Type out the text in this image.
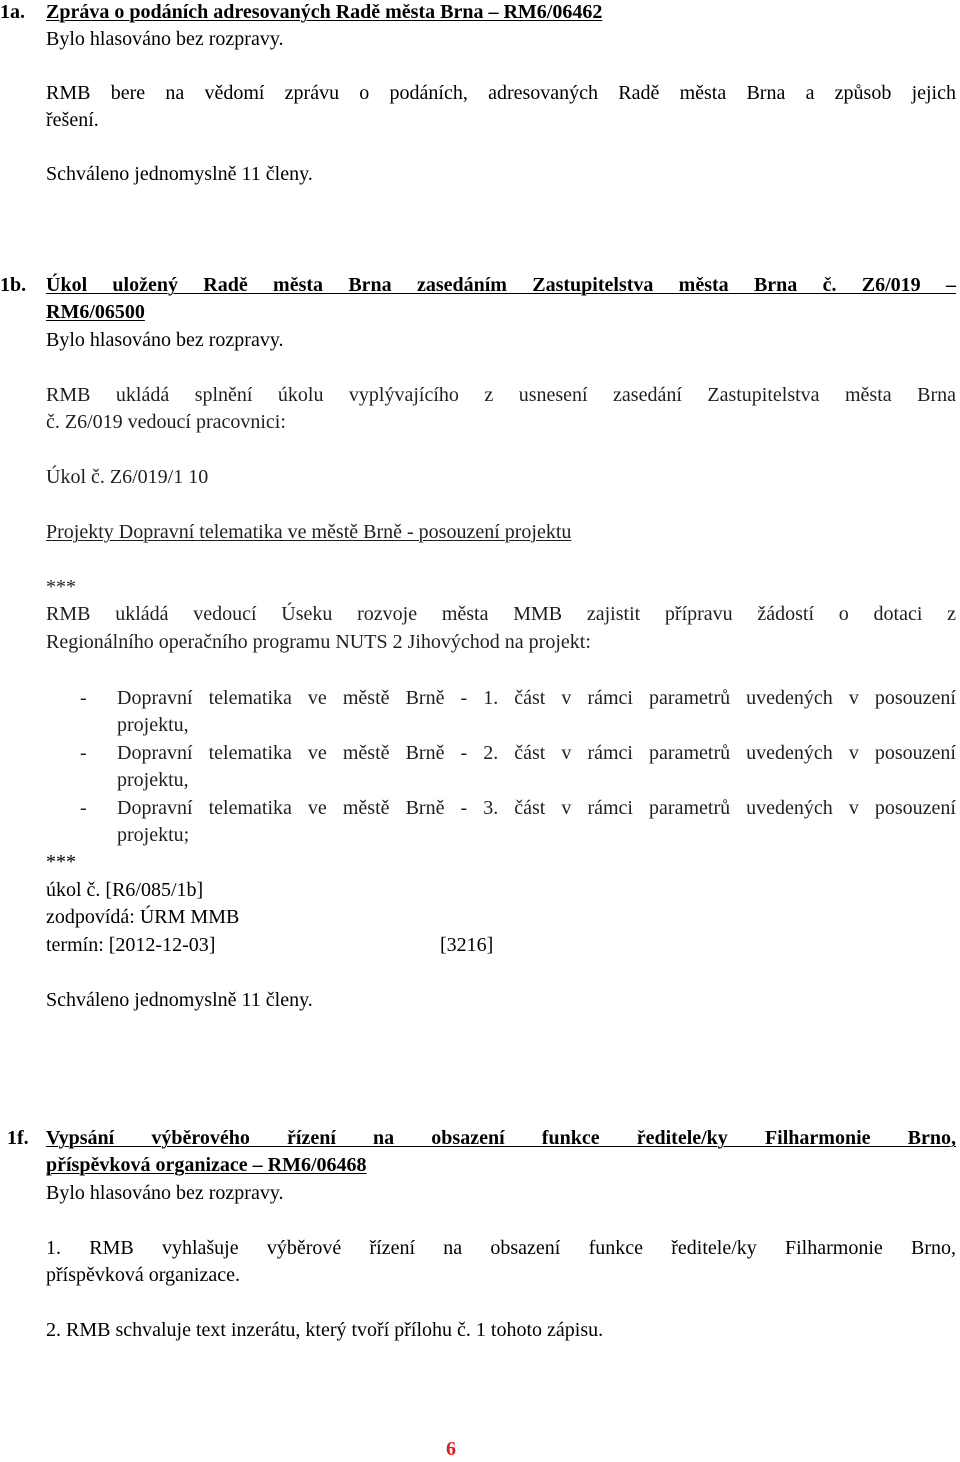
1a. Zpráva o podáních adresovaných Radě města Brna – RM6/06462
Bylo hlasováno bez rozpravy.
RMB bere na vědomí zprávu o podáních, adresovaných Radě města Brna a způsob jejich
řešení.
Schváleno jednomyslně 11 členy.
1b. Úkol uložený Radě města Brna zasedáním Zastupitelstva města Brna č. Z6/019 –
RM6/06500
Bylo hlasováno bez rozpravy.
RMB ukládá splnění úkolu vyplývajícího z usnesení zasedání Zastupitelstva města Brna
č. Z6/019 vedoucí pracovnici:
Úkol č. Z6/019/1 10
Projekty Dopravní telematika ve městě Brně - posouzení projektu
***
RMB ukládá vedoucí Úseku rozvoje města MMB zajistit přípravu žádostí o dotaci z
Regionálního operačního programu NUTS 2 Jihovýchod na projekt:
- Dopravní telematika ve městě Brně - 1. část v rámci parametrů uvedených v posouzení
projektu,
- Dopravní telematika ve městě Brně - 2. část v rámci parametrů uvedených v posouzení
projektu,
- Dopravní telematika ve městě Brně - 3. část v rámci parametrů uvedených v posouzení
projektu;
***
úkol č. [R6/085/1b]
zodpovídá: ÚRM MMB
termín: [2012-12-03]	[3216]
Schváleno jednomyslně 11 členy.
1f. Vypsání výběrového řízení na obsazení funkce ředitele/ky Filharmonie Brno,
příspěvková organizace – RM6/06468
Bylo hlasováno bez rozpravy.
1. RMB vyhlašuje výběrové řízení na obsazení funkce ředitele/ky Filharmonie Brno,
příspěvková organizace.
2. RMB schvaluje text inzerátu, který tvoří přílohu č. 1 tohoto zápisu.
6
